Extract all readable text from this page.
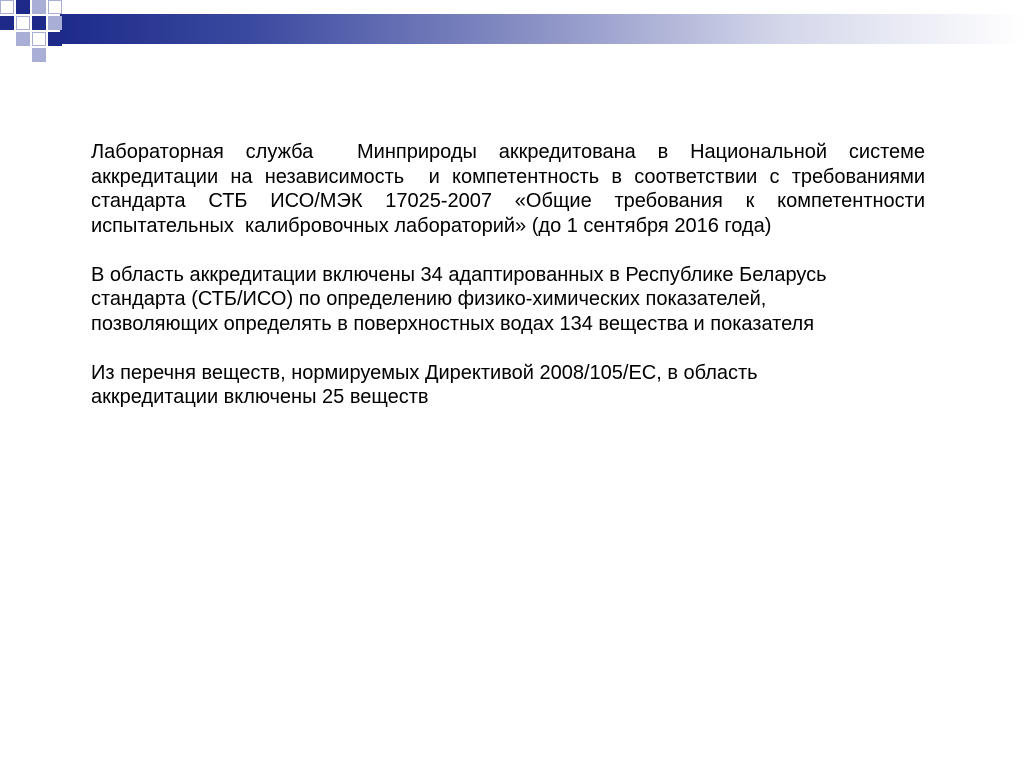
Лабораторная служба  Минприроды аккредитована в Национальной системе аккредитации на независимость  и компетентность в соответствии с требованиями стандарта СТБ ИСО/МЭК 17025-2007 «Общие требования к компетентности испытательных  калибровочных лабораторий» (до 1 сентября 2016 года)

В область аккредитации включены 34 адаптированных в Республике Беларусь стандарта (СТБ/ИСО) по определению физико-химических показателей, позволяющих определять в поверхностных водах 134 вещества и показателя

Из перечня веществ, нормируемых Директивой 2008/105/ЕС, в область аккредитации включены 25 веществ
